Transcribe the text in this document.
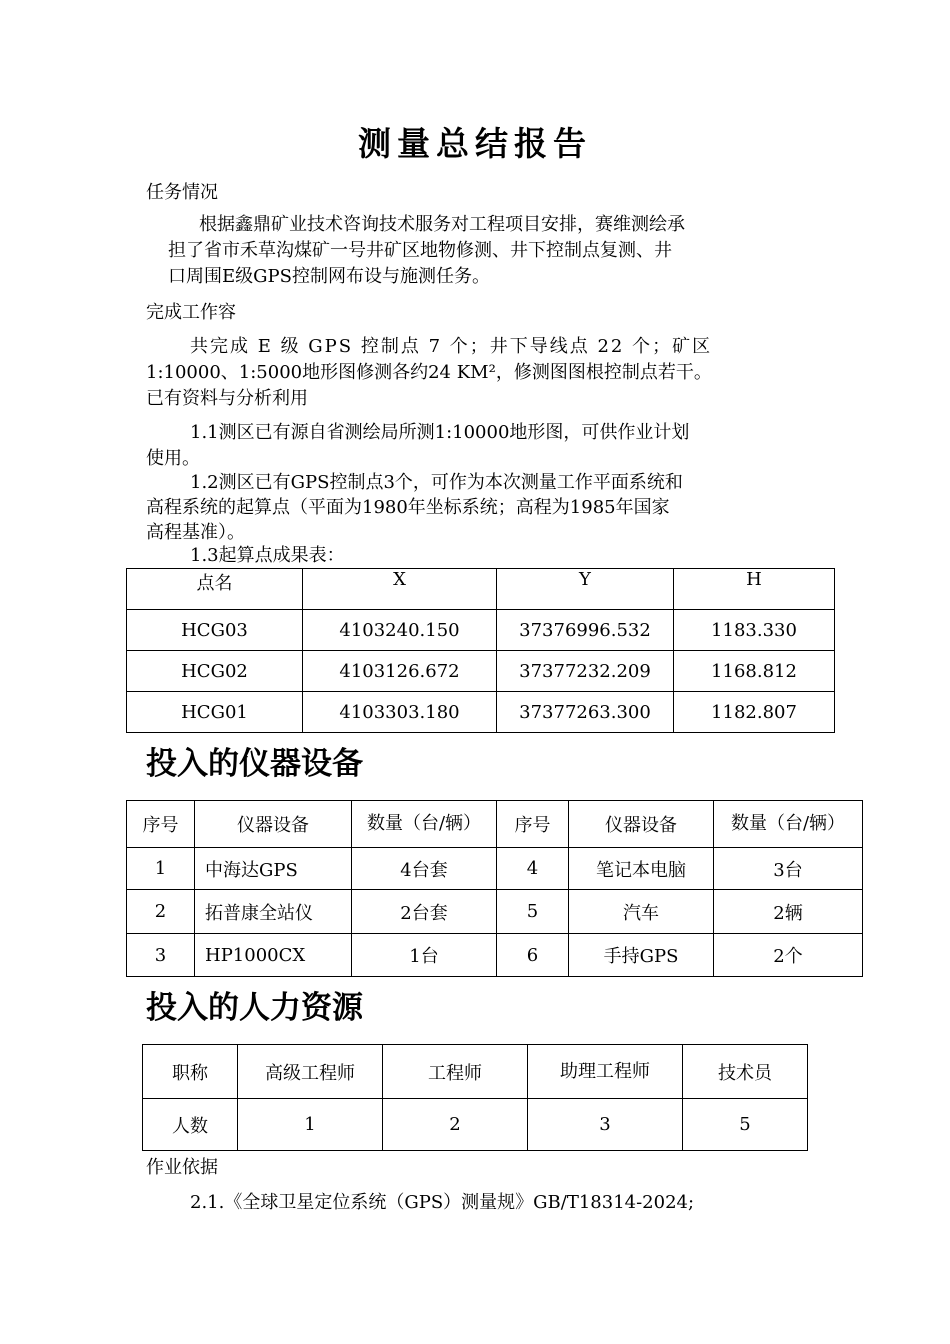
测量总结报告
任务情况
根据鑫鼎矿业技术咨询技术服务对工程项目安排，赛维测绘承
担了省市禾草沟煤矿一号井矿区地物修测、井下控制点复测、井
口周围E级GPS控制网布设与施测任务。
完成工作容
共完成 E 级 GPS 控制点 7 个；井下导线点 22 个；矿区
1:10000、1:5000地形图修测各约24 KM²，修测图图根控制点若干。
已有资料与分析利用
1.1测区已有源自省测绘局所测1:10000地形图，可供作业计划
使用。
1.2测区已有GPS控制点3个，可作为本次测量工作平面系统和
高程系统的起算点（平面为1980年坐标系统；高程为1985年国家
高程基准）。
1.3起算点成果表：
点名	X	Y	H
HCG03	4103240.150	37376996.532	1183.330
HCG02	4103126.672	37377232.209	1168.812
HCG01	4103303.180	37377263.300	1182.807
投入的仪器设备
序号	仪器设备	数量（台/辆）	序号	仪器设备	数量（台/辆）
1	中海达GPS	4台套	4	笔记本电脑	3台
2	拓普康全站仪	2台套	5	汽车	2辆
3	HP1000CX	1台	6	手持GPS	2个
投入的人力资源
职称	高级工程师	工程师	助理工程师	技术员
人数	1	2	3	5
作业依据
2.1.《全球卫星定位系统（GPS）测量规》GB/T18314-2024;
